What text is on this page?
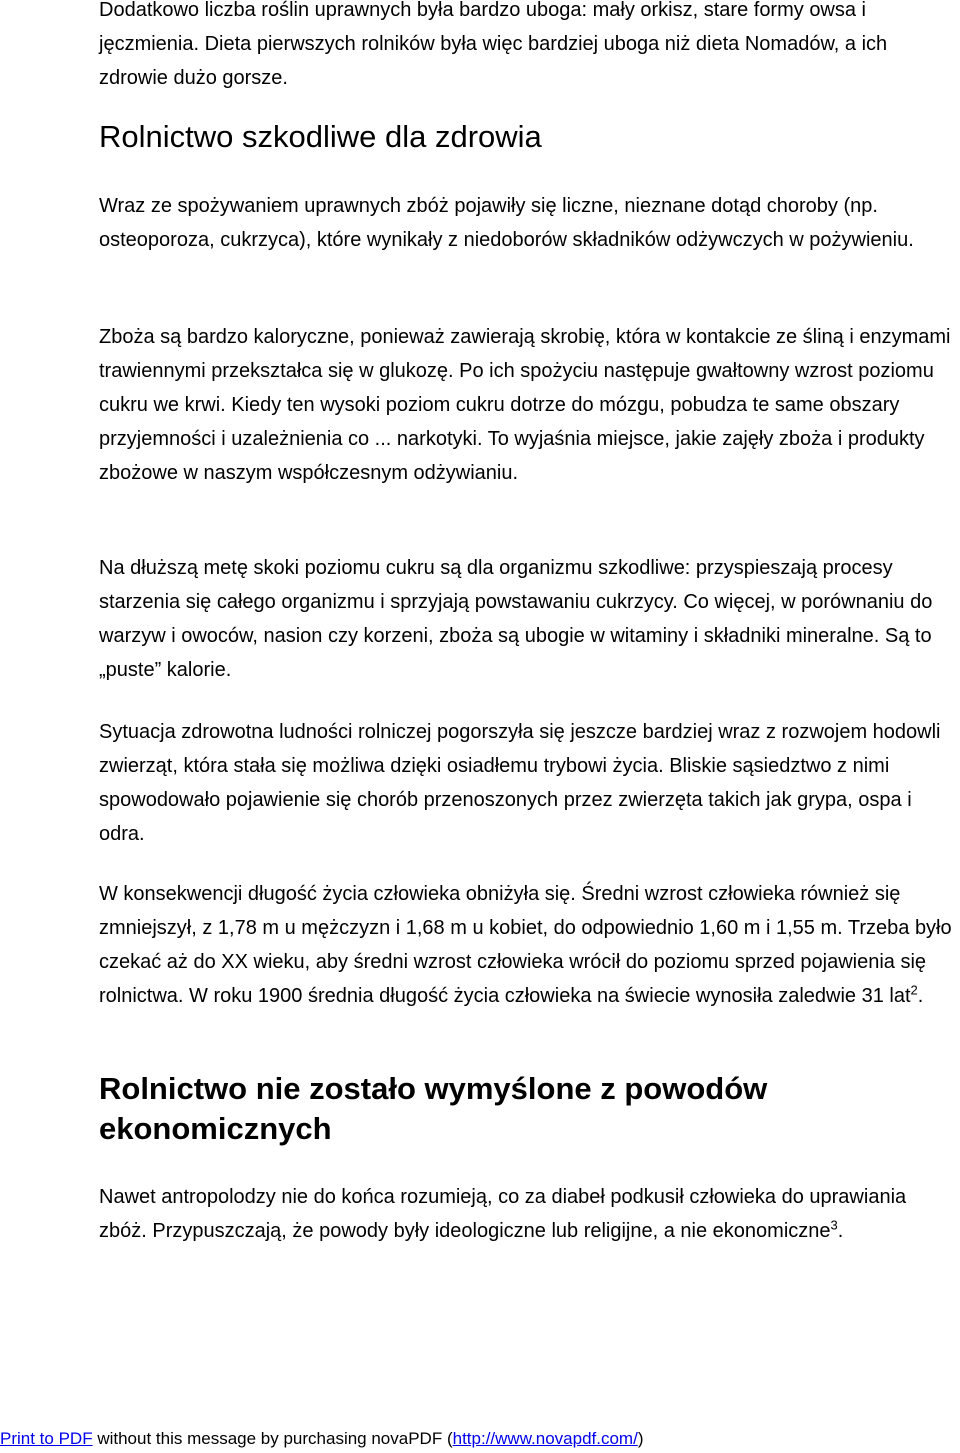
Dodatkowo liczba roślin uprawnych była bardzo uboga: mały orkisz, stare formy owsa i jęczmienia. Dieta pierwszych rolników była więc bardziej uboga niż dieta Nomadów, a ich zdrowie dużo gorsze.

Rolnictwo szkodliwe dla zdrowia

Wraz ze spożywaniem uprawnych zbóż pojawiły się liczne, nieznane dotąd choroby (np. osteoporoza, cukrzyca), które wynikały z niedoborów składników odżywczych w pożywieniu.

Zboża są bardzo kaloryczne, ponieważ zawierają skrobię, która w kontakcie ze śliną i enzymami trawiennymi przekształca się w glukozę. Po ich spożyciu następuje gwałtowny wzrost poziomu cukru we krwi. Kiedy ten wysoki poziom cukru dotrze do mózgu, pobudza te same obszary przyjemności i uzależnienia co ... narkotyki. To wyjaśnia miejsce, jakie zajęły zboża i produkty zbożowe w naszym współczesnym odżywianiu.

Na dłuższą metę skoki poziomu cukru są dla organizmu szkodliwe: przyspieszają procesy starzenia się całego organizmu i sprzyjają powstawaniu cukrzycy. Co więcej, w porównaniu do warzyw i owoców, nasion czy korzeni, zboża są ubogie w witaminy i składniki mineralne. Są to „puste” kalorie.

Sytuacja zdrowotna ludności rolniczej pogorszyła się jeszcze bardziej wraz z rozwojem hodowli zwierząt, która stała się możliwa dzięki osiadłemu trybowi życia. Bliskie sąsiedztwo z nimi spowodowało pojawienie się chorób przenoszonych przez zwierzęta takich jak grypa, ospa i odra.

W konsekwencji długość życia człowieka obniżyła się. Średni wzrost człowieka również się zmniejszył, z 1,78 m u mężczyzn i 1,68 m u kobiet, do odpowiednio 1,60 m i 1,55 m. Trzeba było czekać aż do XX wieku, aby średni wzrost człowieka wrócił do poziomu sprzed pojawienia się rolnictwa. W roku 1900 średnia długość życia człowieka na świecie wynosiła zaledwie 31 lat$^2$.

Rolnictwo nie zostało wymyślone z powodów ekonomicznych

Nawet antropolodzy nie do końca rozumieją, co za diabeł podkusił człowieka do uprawiania zbóż. Przypuszczają, że powody były ideologiczne lub religijne, a nie ekonomiczne$^3$.

Print to PDF without this message by purchasing novaPDF (http://www.novapdf.com/)
